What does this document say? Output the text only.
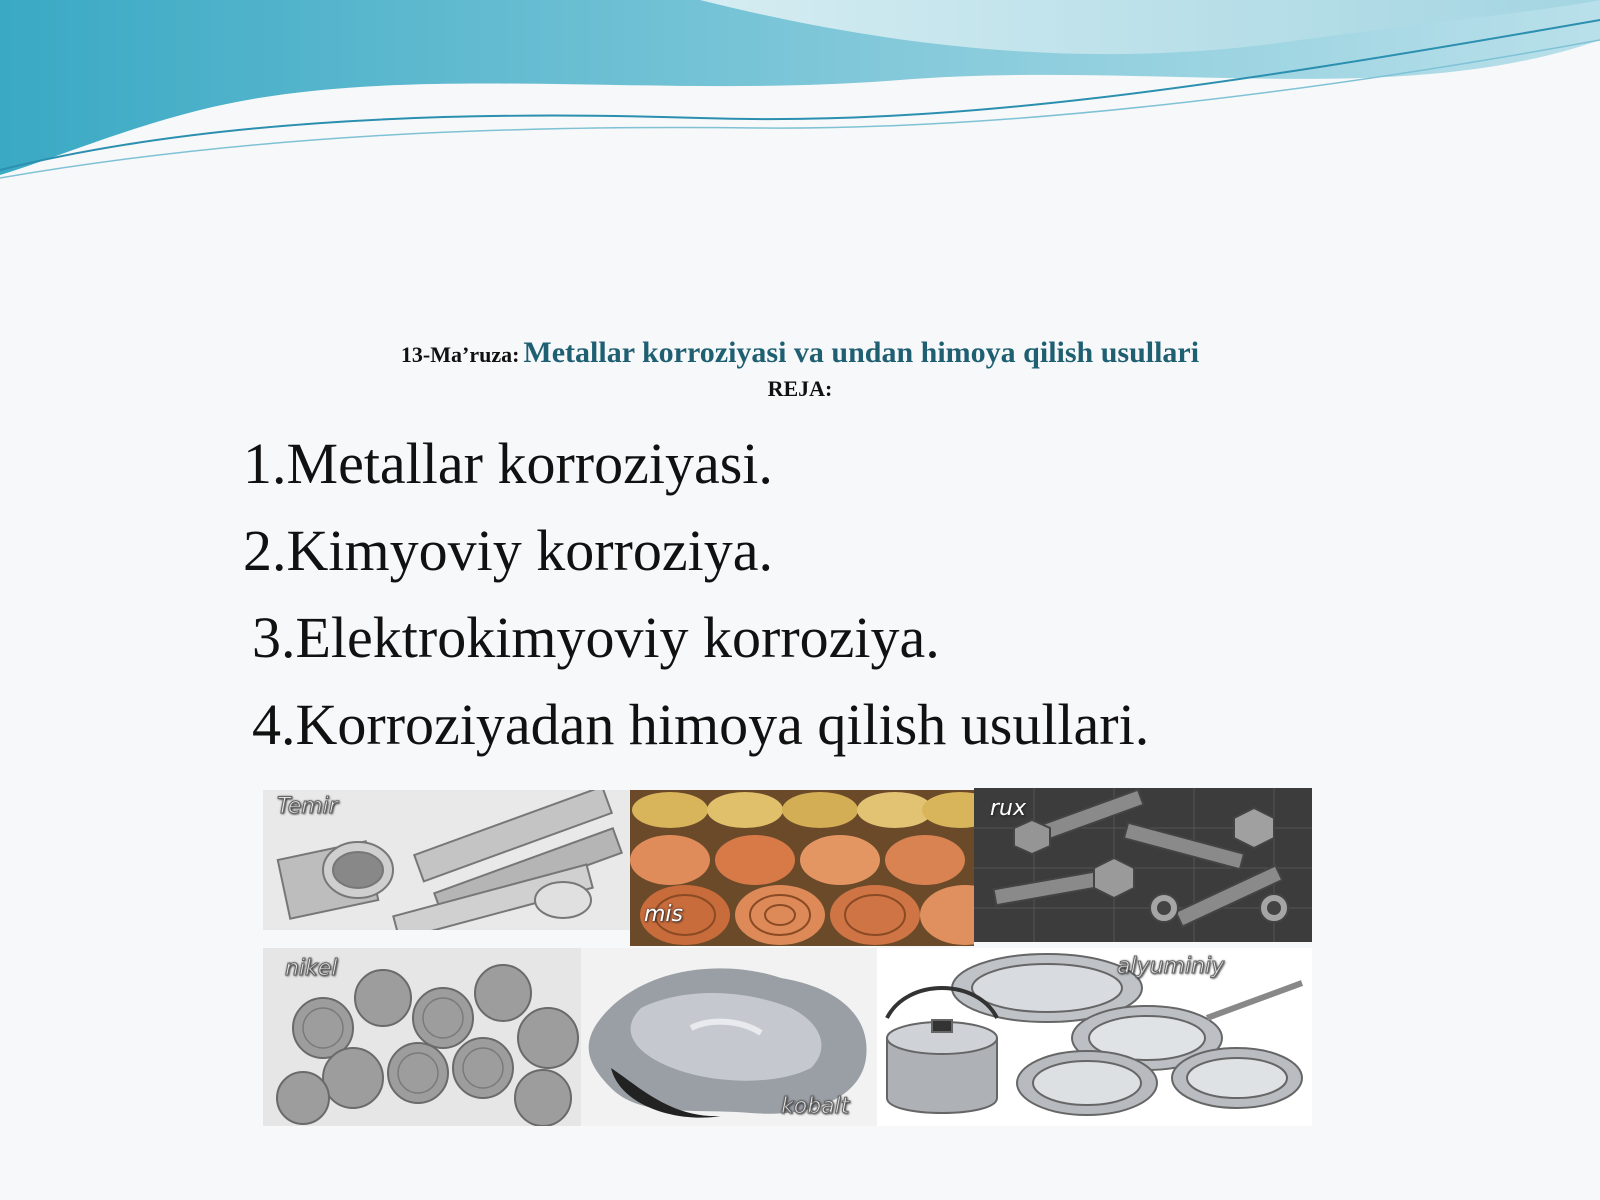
13-Ma’ruza: Metallar korroziyasi va undan himoya qilish usullari
REJA:
1.Metallar korroziyasi.
2.Kimyoviy korroziya.
3.Elektrokimyoviy korroziya.
4.Korroziyadan himoya qilish usullari.
Temir
mis
rux
nikel
kobalt
alyuminiy
